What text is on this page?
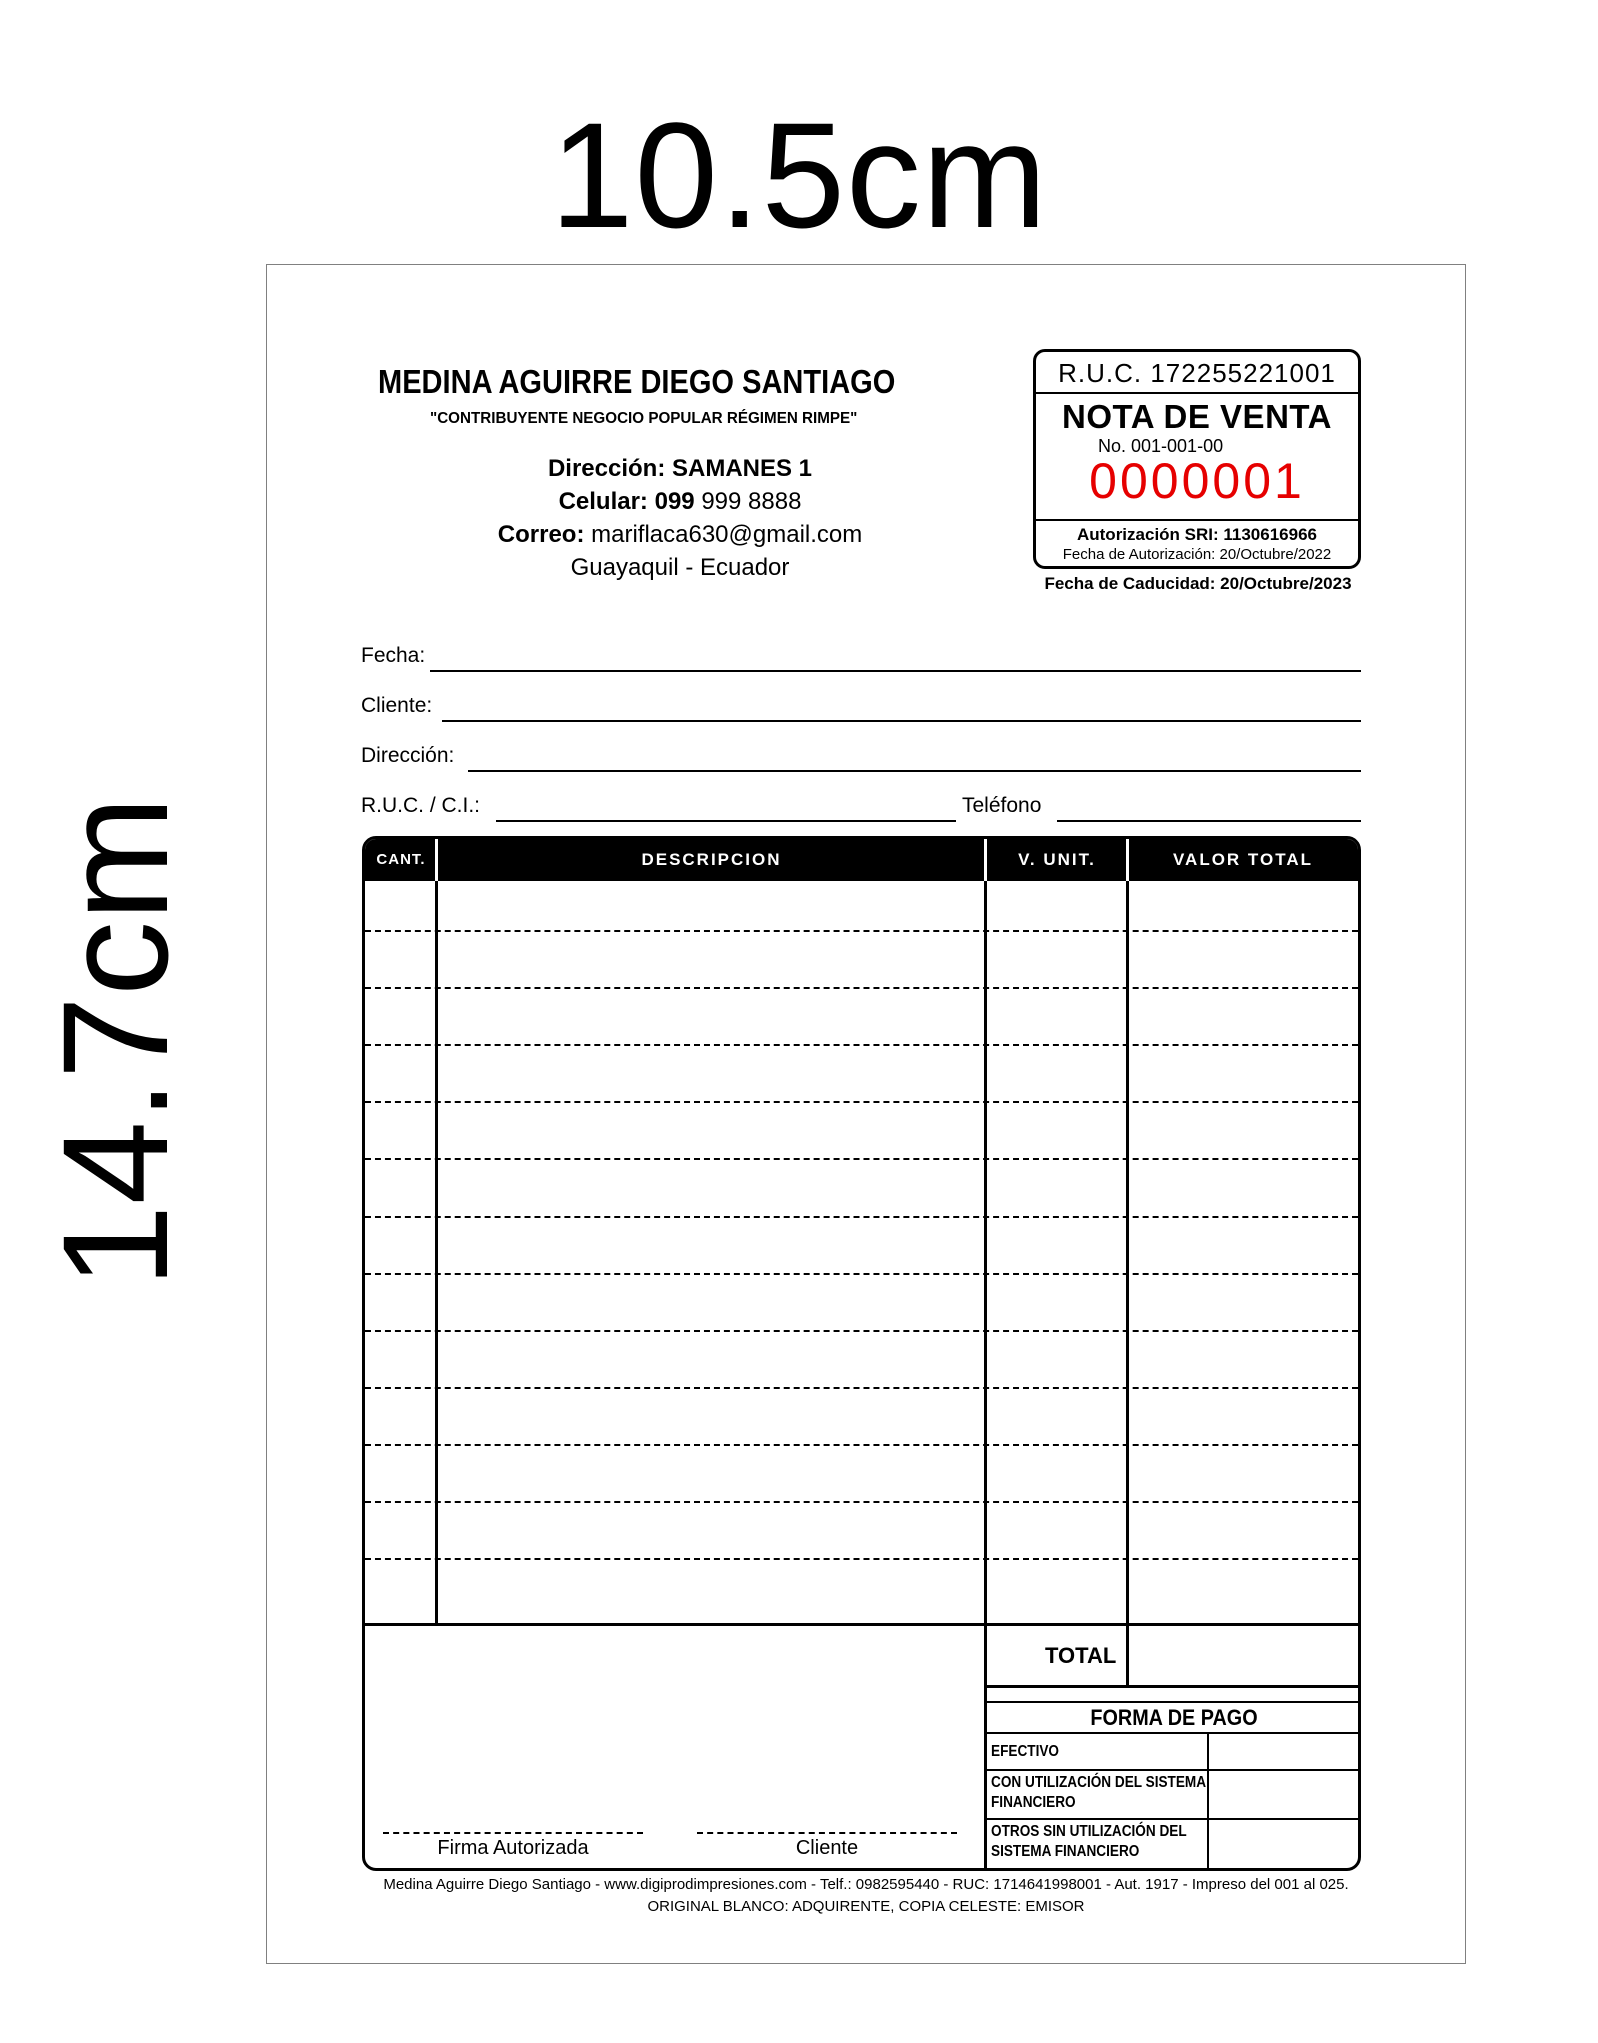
10.5cm
14.7cm
MEDINA AGUIRRE DIEGO SANTIAGO
"CONTRIBUYENTE NEGOCIO POPULAR RÉGIMEN RIMPE"
Dirección: SAMANES 1
Celular: 099 999 8888
Correo: mariflaca630@gmail.com
Guayaquil - Ecuador
R.U.C. 172255221001
NOTA DE VENTA
No. 001-001-00
0000001
Autorización SRI: 1130616966
Fecha de Autorización: 20/Octubre/2022
Fecha de Caducidad: 20/Octubre/2023
Fecha:
Cliente:
Dirección:
R.U.C. / C.I.:	Teléfono
CANT.	DESCRIPCION	V. UNIT.	VALOR TOTAL
TOTAL
FORMA DE PAGO
EFECTIVO
CON UTILIZACIÓN DEL SISTEMA
FINANCIERO
OTROS SIN UTILIZACIÓN DEL
SISTEMA FINANCIERO
Firma Autorizada	Cliente
Medina Aguirre Diego Santiago - www.digiprodimpresiones.com - Telf.: 0982595440 - RUC: 1714641998001 - Aut. 1917 - Impreso del 001 al 025.
ORIGINAL BLANCO: ADQUIRENTE, COPIA CELESTE: EMISOR
